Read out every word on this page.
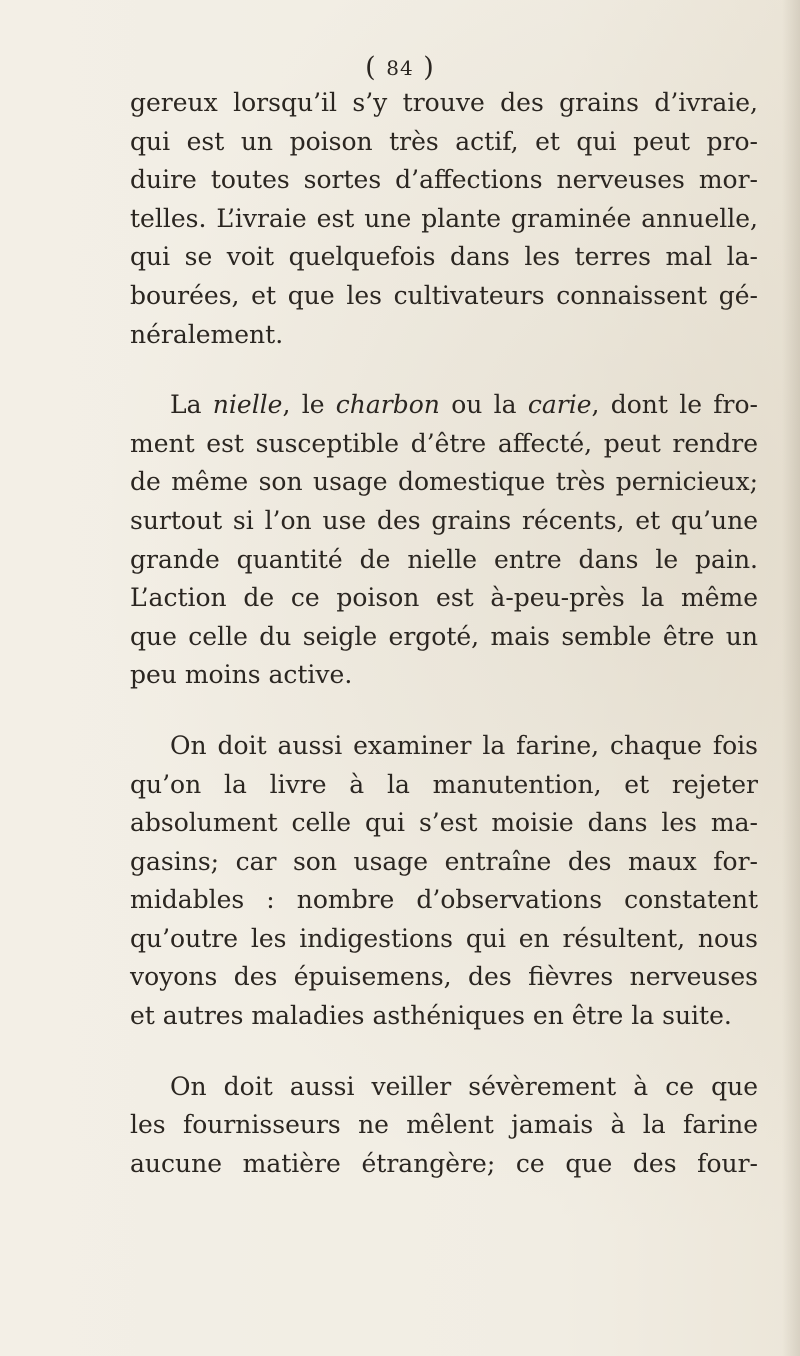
( 84 )
gereux lorsqu’il s’y trouve des grains d’ivraie,
qui est un poison très actif, et qui peut pro-
duire toutes sortes d’affections nerveuses mor-
telles. L’ivraie est une plante graminée annuelle,
qui se voit quelquefois dans les terres mal la-
bourées, et que les cultivateurs connaissent gé-
néralement.
La nielle, le charbon ou la carie, dont le fro-
ment est susceptible d’être affecté, peut rendre
de même son usage domestique très pernicieux;
surtout si l’on use des grains récents, et qu’une
grande quantité de nielle entre dans le pain.
L’action de ce poison est à-peu-près la même
que celle du seigle ergoté, mais semble être un
peu moins active.
On doit aussi examiner la farine, chaque fois
qu’on la livre à la manutention, et rejeter
absolument celle qui s’est moisie dans les ma-
gasins; car son usage entraîne des maux for-
midables : nombre d’observations constatent
qu’outre les indigestions qui en résultent, nous
voyons des épuisemens, des fièvres nerveuses
et autres maladies asthéniques en être la suite.
On doit aussi veiller sévèrement à ce que
les fournisseurs ne mêlent jamais à la farine
aucune matière étrangère; ce que des four-
